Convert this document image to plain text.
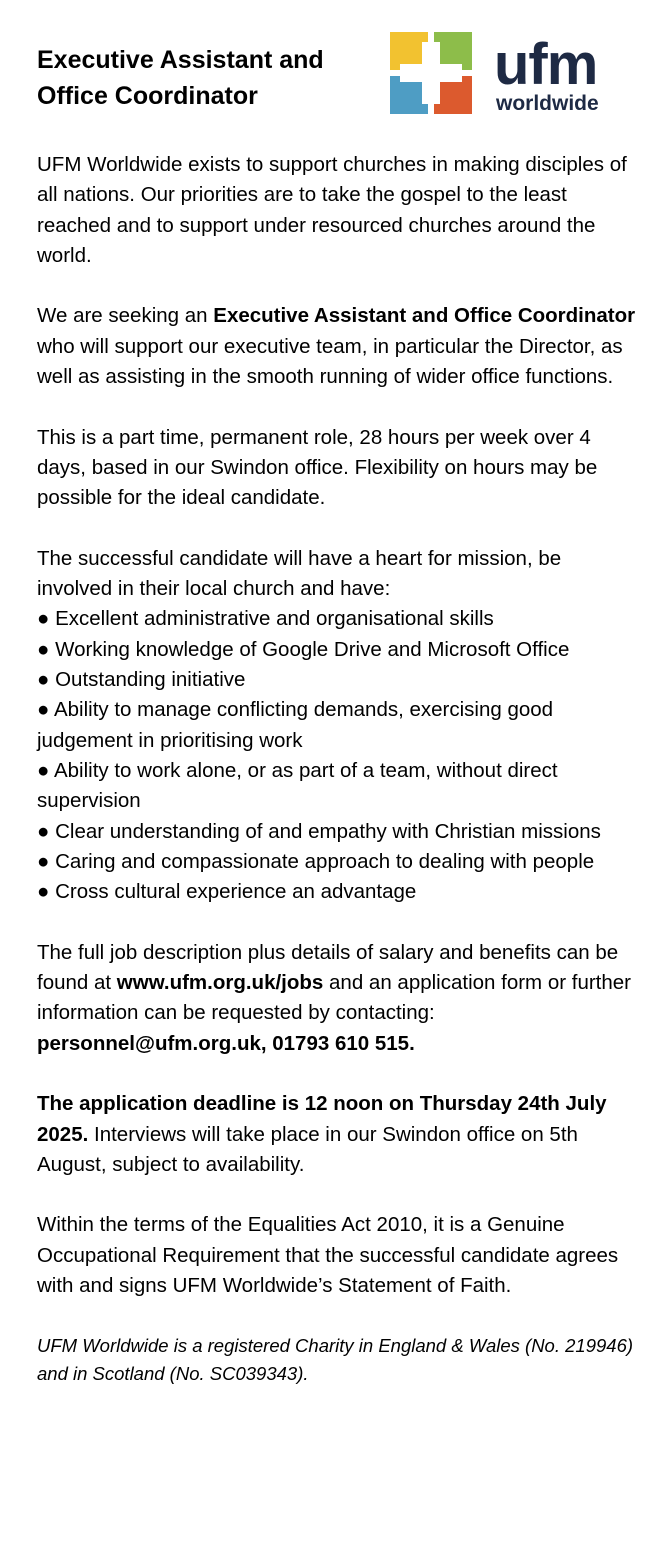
Executive Assistant and
Office Coordinator	ufm
worldwide

UFM Worldwide exists to support churches in making disciples of all nations. Our priorities are to take the gospel to the least reached and to support under resourced churches around the world.

We are seeking an Executive Assistant and Office Coordinator who will support our executive team, in particular the Director, as well as assisting in the smooth running of wider office functions.

This is a part time, permanent role, 28 hours per week over 4 days, based in our Swindon office. Flexibility on hours may be possible for the ideal candidate.

The successful candidate will have a heart for mission, be involved in their local church and have:
● Excellent administrative and organisational skills
● Working knowledge of Google Drive and Microsoft Office
● Outstanding initiative
● Ability to manage conflicting demands, exercising good judgement in prioritising work
● Ability to work alone, or as part of a team, without direct supervision
● Clear understanding of and empathy with Christian missions
● Caring and compassionate approach to dealing with people
● Cross cultural experience an advantage

The full job description plus details of salary and benefits can be found at www.ufm.org.uk/jobs and an application form or further information can be requested by contacting: personnel@ufm.org.uk, 01793 610 515.

The application deadline is 12 noon on Thursday 24th July 2025. Interviews will take place in our Swindon office on 5th August, subject to availability.

Within the terms of the Equalities Act 2010, it is a Genuine Occupational Requirement that the successful candidate agrees with and signs UFM Worldwide’s Statement of Faith.

UFM Worldwide is a registered Charity in England & Wales (No. 219946) and in Scotland (No. SC039343).
